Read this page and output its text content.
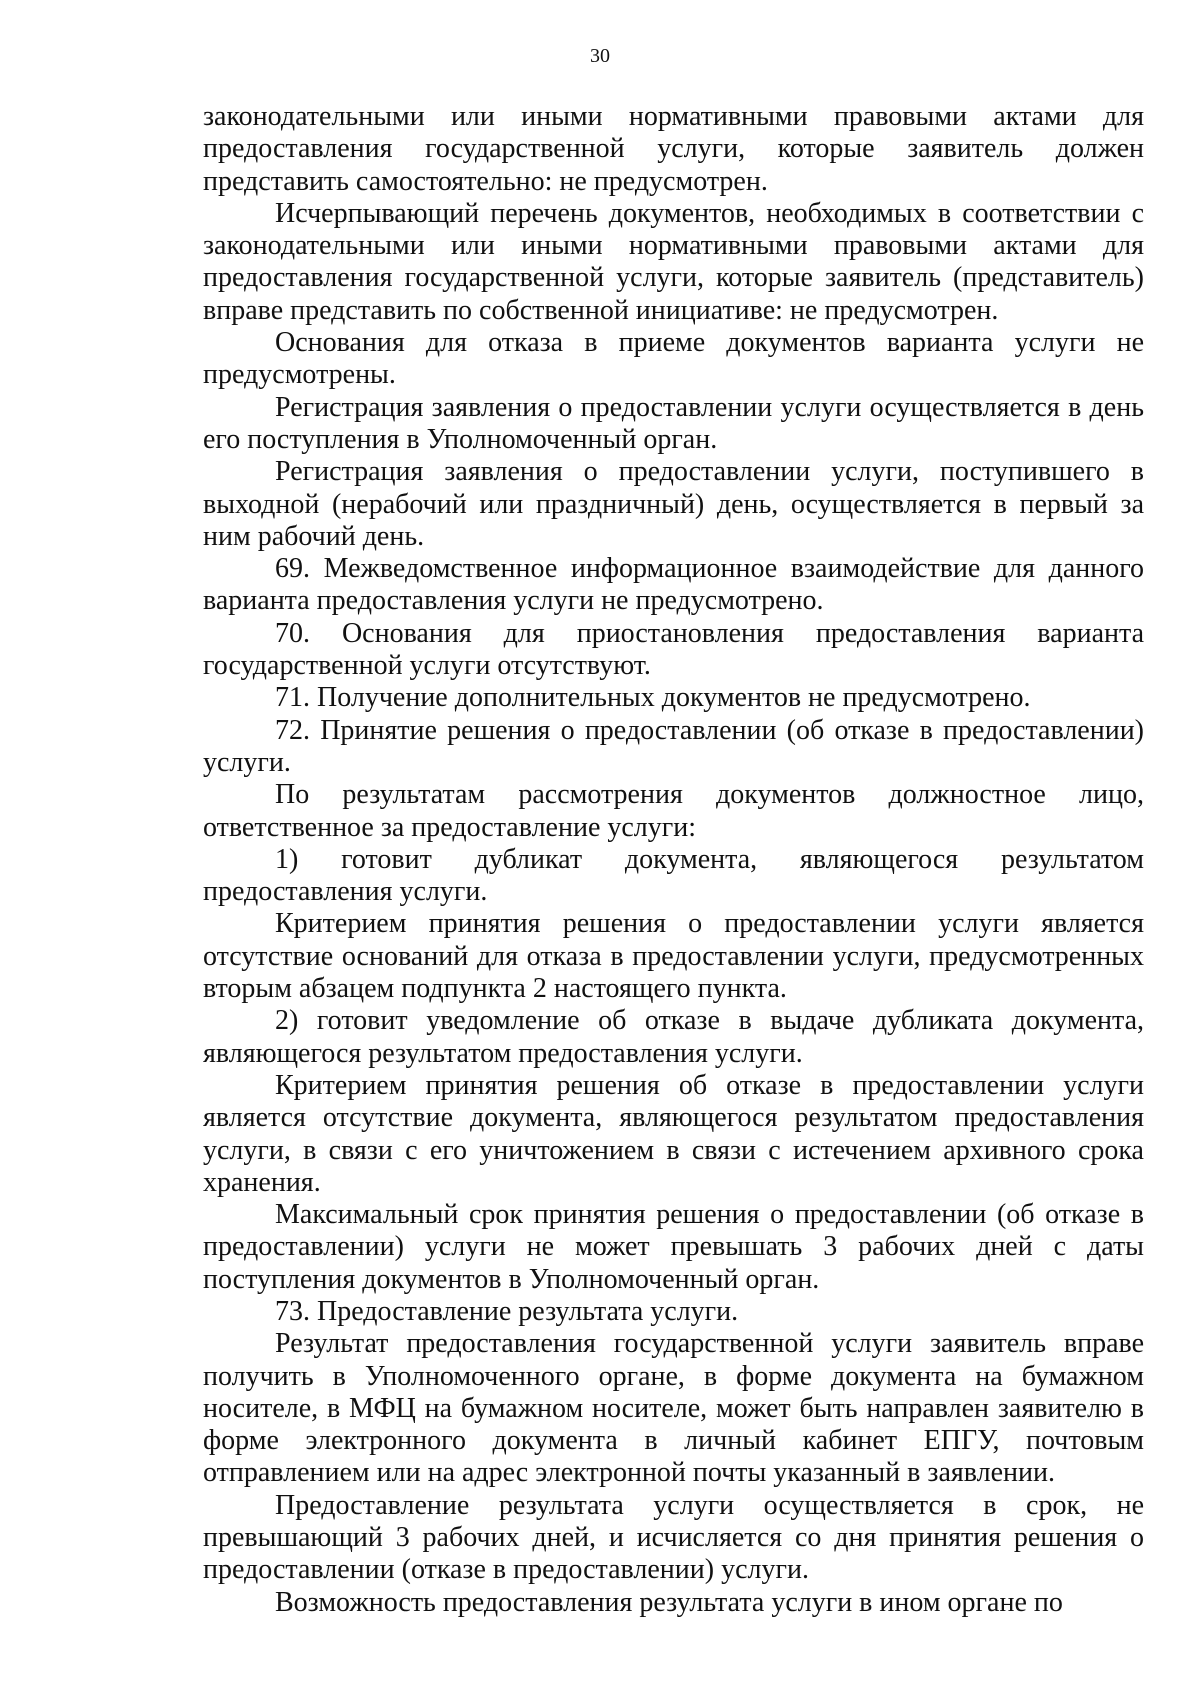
30

законодательными или иными нормативными правовыми актами для предоставления государственной услуги, которые заявитель должен представить самостоятельно: не предусмотрен.

Исчерпывающий перечень документов, необходимых в соответствии с законодательными или иными нормативными правовыми актами для предоставления государственной услуги, которые заявитель (представитель) вправе представить по собственной инициативе: не предусмотрен.

Основания для отказа в приеме документов варианта услуги не предусмотрены.

Регистрация заявления о предоставлении услуги осуществляется в день его поступления в Уполномоченный орган.

Регистрация заявления о предоставлении услуги, поступившего в выходной (нерабочий или праздничный) день, осуществляется в первый за ним рабочий день.

69. Межведомственное информационное взаимодействие для данного варианта предоставления услуги не предусмотрено.

70. Основания для приостановления предоставления варианта государственной услуги отсутствуют.

71. Получение дополнительных документов не предусмотрено.

72. Принятие решения о предоставлении (об отказе в предоставлении) услуги.

По результатам рассмотрения документов должностное лицо, ответственное за предоставление услуги:

1) готовит дубликат документа, являющегося результатом предоставления услуги.

Критерием принятия решения о предоставлении услуги является отсутствие оснований для отказа в предоставлении услуги, предусмотренных вторым абзацем подпункта 2 настоящего пункта.

2) готовит уведомление об отказе в выдаче дубликата документа, являющегося результатом предоставления услуги.

Критерием принятия решения об отказе в предоставлении услуги является отсутствие документа, являющегося результатом предоставления услуги, в связи с его уничтожением в связи с истечением архивного срока хранения.

Максимальный срок принятия решения о предоставлении (об отказе в предоставлении) услуги не может превышать 3 рабочих дней с даты поступления документов в Уполномоченный орган.

73. Предоставление результата услуги.

Результат предоставления государственной услуги заявитель вправе получить в Уполномоченного органе, в форме документа на бумажном носителе, в МФЦ на бумажном носителе, может быть направлен заявителю в форме электронного документа в личный кабинет ЕПГУ, почтовым отправлением или на адрес электронной почты указанный в заявлении.

Предоставление результата услуги осуществляется в срок, не превышающий 3 рабочих дней, и исчисляется со дня принятия решения о предоставлении (отказе в предоставлении) услуги.

Возможность предоставления результата услуги в ином органе по
